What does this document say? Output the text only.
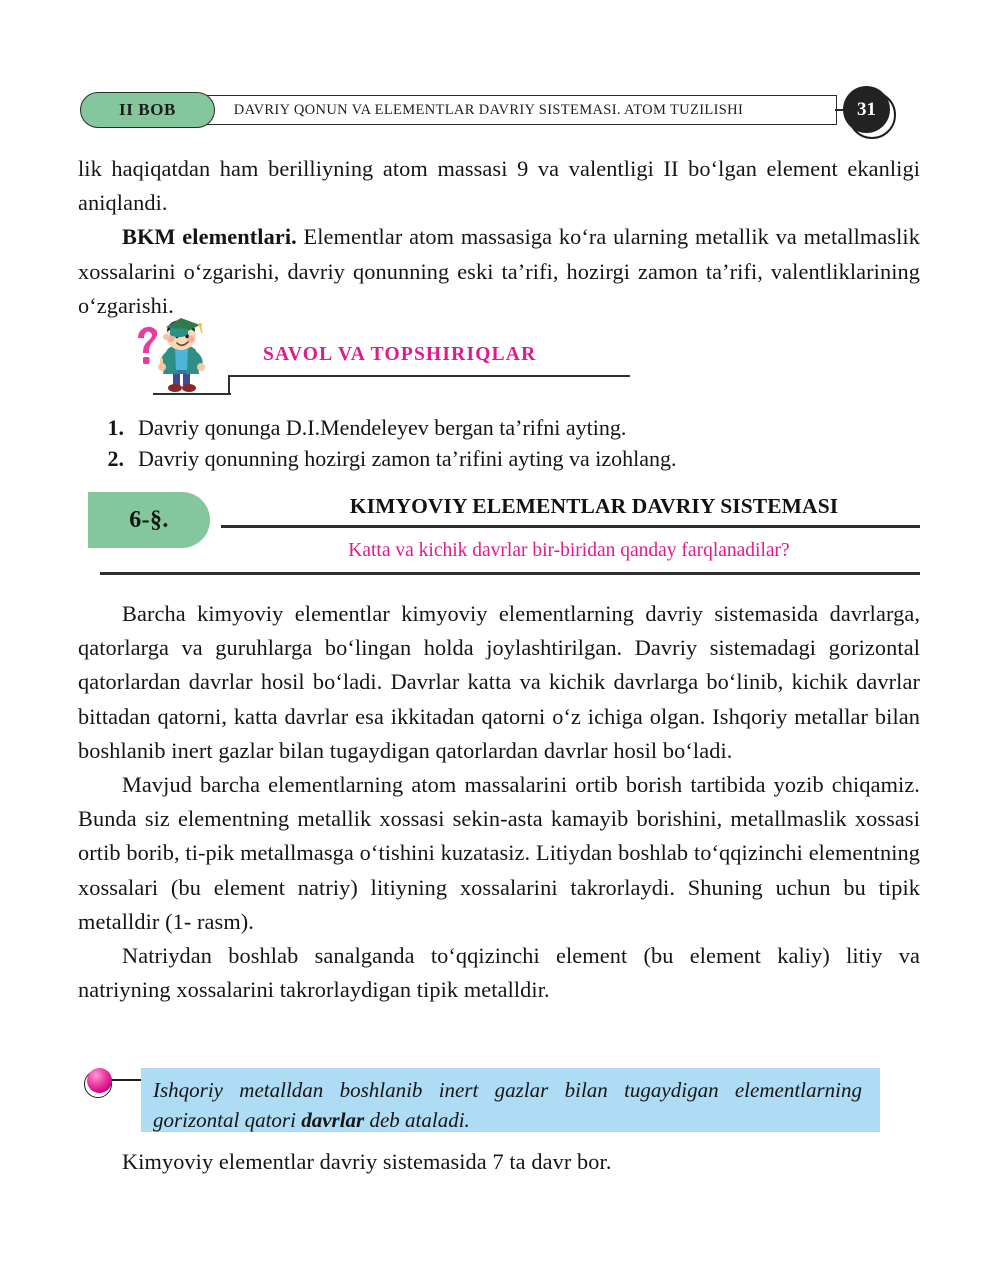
DAVRIY QONUN VA ELEMENTLAR DAVRIY SISTEMASI. ATOM TUZILISHI
II BOB	31

lik haqiqatdan ham berilliyning atom massasi 9 va valentligi II bo‘lgan element ekanligi aniqlandi.

BKM elementlari. Elementlar atom massasiga ko‘ra ularning metallik va metallmaslik xossalarini o‘zgarishi, davriy qonunning eski ta’rifi, hozirgi zamon ta’rifi, valentliklarining o‘zgarishi.

SAVOL VA TOPSHIRIQLAR
1. Davriy qonunga D.I.Mendeleyev bergan ta’rifni ayting.
2. Davriy qonunning hozirgi zamon ta’rifini ayting va izohlang.
6-§.
KIMYOVIY ELEMENTLAR DAVRIY SISTEMASI
Katta va kichik davrlar bir-biridan qanday farqlanadilar?

Barcha kimyoviy elementlar kimyoviy elementlarning davriy sistemasida davrlarga, qatorlarga va guruhlarga bo‘lingan holda joylashtirilgan. Davriy sistemadagi gorizontal qatorlardan davrlar hosil bo‘ladi. Davrlar katta va kichik davrlarga bo‘linib, kichik davrlar bittadan qatorni, katta davrlar esa ikkitadan qatorni o‘z ichiga olgan. Ishqoriy metallar bilan boshlanib inert gazlar bilan tugaydigan qatorlardan davrlar hosil bo‘ladi.

Mavjud barcha elementlarning atom massalarini ortib borish tartibida yozib chiqamiz. Bunda siz elementning metallik xossasi sekin-asta kamayib borishini, metallmaslik xossasi ortib borib, ti-pik metallmasga o‘tishini kuzatasiz. Litiydan boshlab to‘qqizinchi elementning xossalari (bu element natriy) litiyning xossalarini takrorlaydi. Shuning uchun bu tipik metalldir (1- rasm).

Natriydan boshlab sanalganda to‘qqizinchi element (bu element kaliy) litiy va natriyning xossalarini takrorlaydigan tipik metalldir.

Ishqoriy metalldan boshlanib inert gazlar bilan tugaydigan elementlarning gorizontal qatori davrlar deb ataladi.

Kimyoviy elementlar davriy sistemasida 7 ta davr bor.
